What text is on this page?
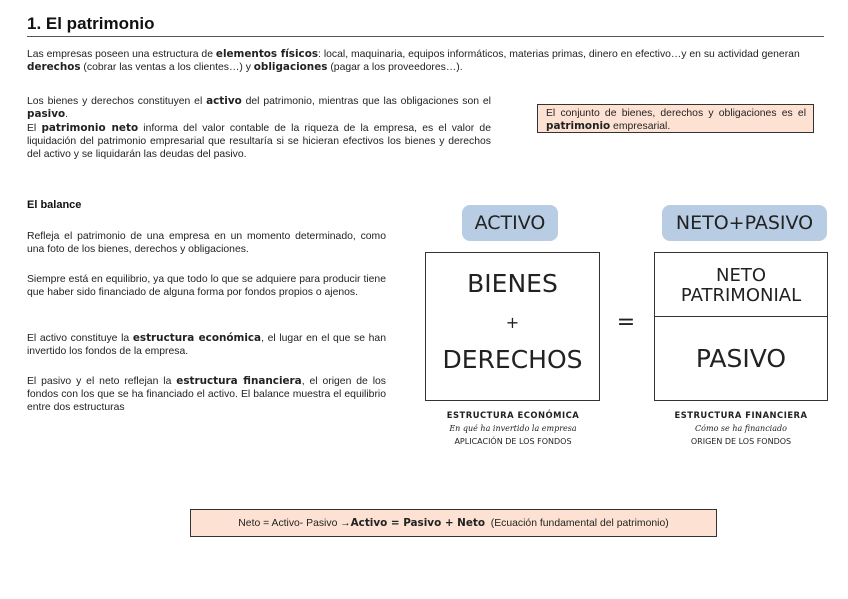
1. El patrimonio
Las empresas poseen una estructura de elementos físicos: local, maquinaria, equipos informáticos, materias primas, dinero en efectivo…y en su actividad generan derechos (cobrar las ventas a los clientes…) y obligaciones (pagar a los proveedores…).
Los bienes y derechos constituyen el activo del patrimonio, mientras que las obligaciones son el pasivo.
El patrimonio neto informa del valor contable de la riqueza de la empresa, es el valor de liquidación del patrimonio empresarial que resultaría si se hicieran efectivos los bienes y derechos del activo y se liquidarán las deudas del pasivo.
El conjunto de bienes, derechos y obligaciones es el patrimonio empresarial.
El balance
Refleja el patrimonio de una empresa en un momento determinado, como una foto de los bienes, derechos y obligaciones.
Siempre está en equilibrio, ya que todo lo que se adquiere para producir tiene que haber sido financiado de alguna forma por fondos propios o ajenos.
El activo constituye la estructura económica, el lugar en el que se han invertido los fondos de la empresa.
El pasivo y el neto reflejan la estructura financiera, el origen de los fondos con los que se ha financiado el activo. El balance muestra el equilibrio entre dos estructuras
ACTIVO	NETO+PASIVO
BIENES
+
DERECHOS
=
NETO
PATRIMONIAL
PASIVO
ESTRUCTURA ECONÓMICA
En qué ha invertido la empresa
APLICACIÓN DE LOS FONDOS
ESTRUCTURA FINANCIERA
Cómo se ha financiado
ORIGEN DE LOS FONDOS
Neto = Activo- Pasivo → Activo = Pasivo + Neto (Ecuación fundamental del patrimonio)
